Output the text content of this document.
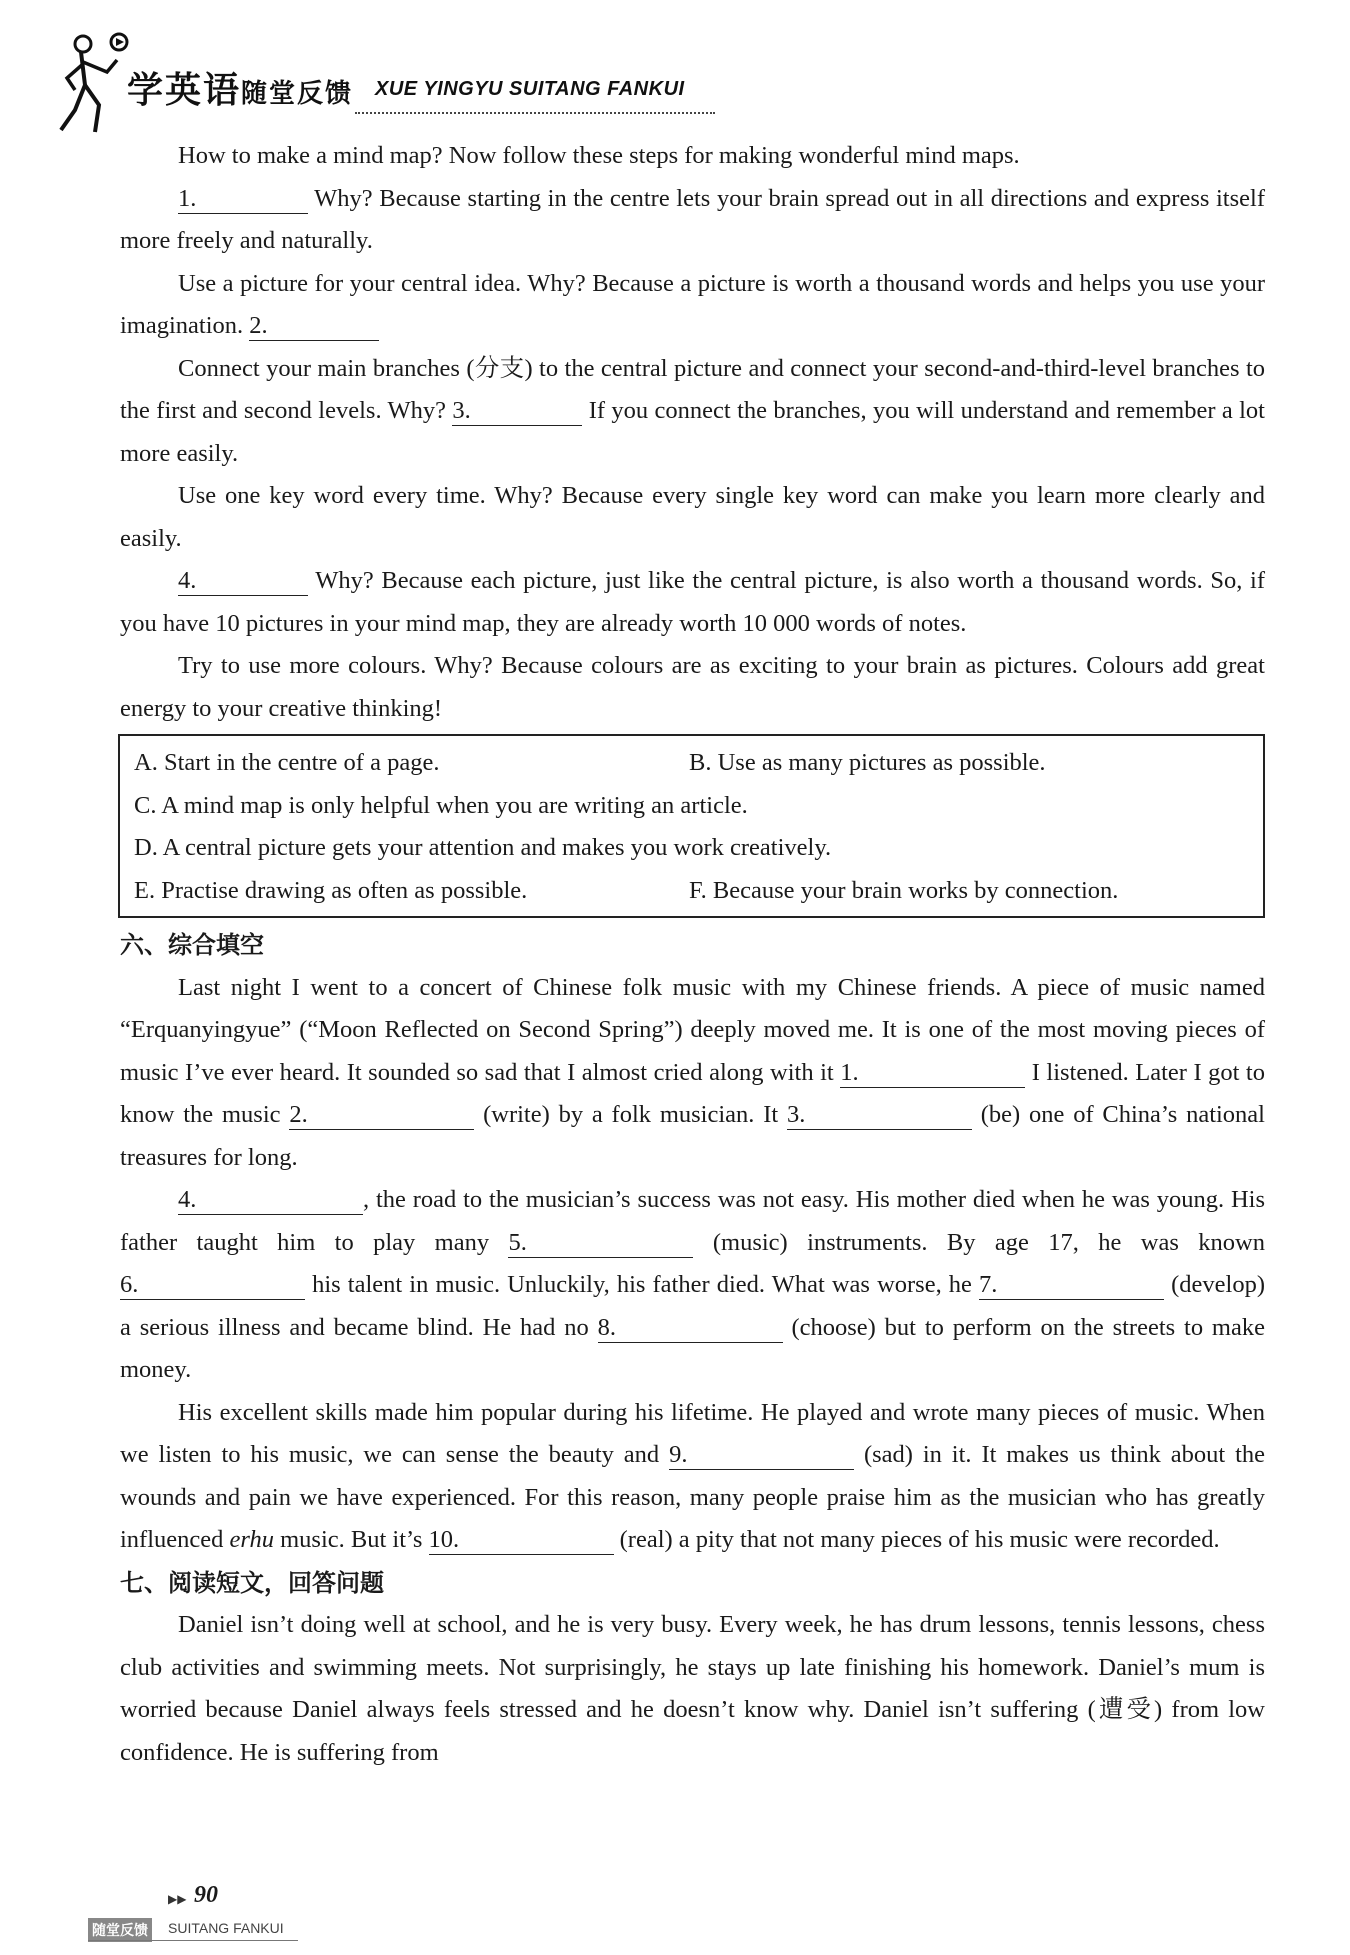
学英语随堂反馈 XUE YINGYU SUITANG FANKUI

How to make a mind map? Now follow these steps for making wonderful mind maps.

1.	Why? Because starting in the centre lets your brain spread out in all directions and express itself more freely and naturally.

Use a picture for your central idea. Why? Because a picture is worth a thousand words and helps you use your imagination. 2.

Connect your main branches (分支) to the central picture and connect your second-and-third-level branches to the first and second levels. Why? 3.	If you connect the branches, you will understand and remember a lot more easily.

Use one key word every time. Why? Because every single key word can make you learn more clearly and easily.

4.	Why? Because each picture, just like the central picture, is also worth a thousand words. So, if you have 10 pictures in your mind map, they are already worth 10 000 words of notes.

Try to use more colours. Why? Because colours are as exciting to your brain as pictures. Colours add great energy to your creative thinking!

A. Start in the centre of a page.	B. Use as many pictures as possible.
C. A mind map is only helpful when you are writing an article.
D. A central picture gets your attention and makes you work creatively.
E. Practise drawing as often as possible.	F. Because your brain works by connection.
六、综合填空

Last night I went to a concert of Chinese folk music with my Chinese friends. A piece of music named “Erquanyingyue” (“Moon Reflected on Second Spring”) deeply moved me. It is one of the most moving pieces of music I’ve ever heard. It sounded so sad that I almost cried along with it 1.	I listened. Later I got to know the music 2.	(write) by a folk musician. It 3.	(be) one of China’s national treasures for long.

4.	, the road to the musician’s success was not easy. His mother died when he was young. His father taught him to play many 5.	(music) instruments. By age 17, he was known 6.	his talent in music. Unluckily, his father died. What was worse, he 7.	(develop) a serious illness and became blind. He had no 8.	(choose) but to perform on the streets to make money.

His excellent skills made him popular during his lifetime. He played and wrote many pieces of music. When we listen to his music, we can sense the beauty and 9.	(sad) in it. It makes us think about the wounds and pain we have experienced. For this reason, many people praise him as the musician who has greatly influenced erhu music. But it’s 10.	(real) a pity that not many pieces of his music were recorded.

七、阅读短文，回答问题

Daniel isn’t doing well at school, and he is very busy. Every week, he has drum lessons, tennis lessons, chess club activities and swimming meets. Not surprisingly, he stays up late finishing his homework. Daniel’s mum is worried because Daniel always feels stressed and he doesn’t know why. Daniel isn’t suffering (遭受) from low confidence. He is suffering from

▶▶ 90
随堂反馈 SUITANG FANKUI
